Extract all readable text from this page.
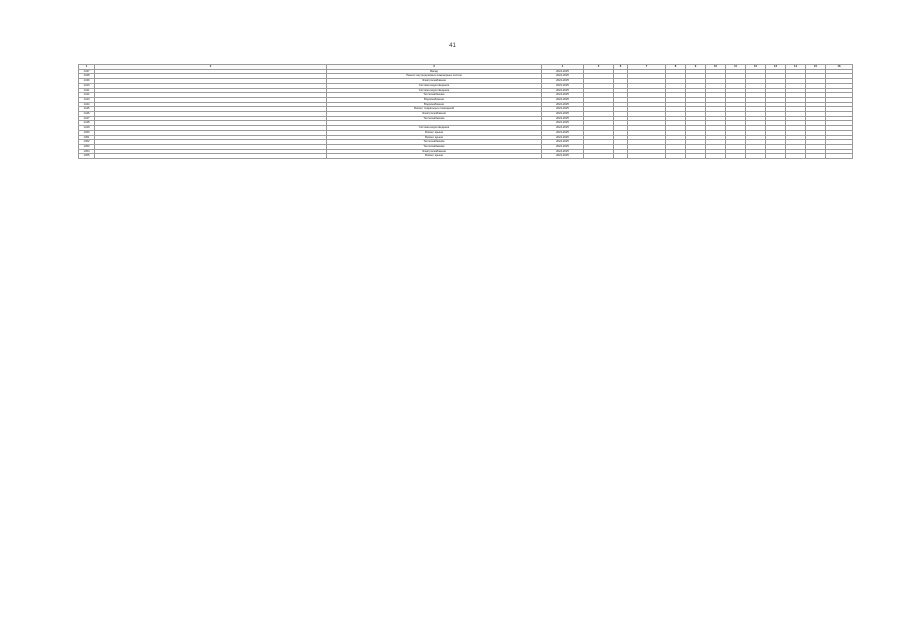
41
1	2	3	4	5	6	7	8	9	10	11	12	13	14	15	16
1437		Фасад	2024-2025												
1438		Ремонт внутридомовых инженерных систем	2024-2025												
1439		Электроснабжение	2024-2025												
1440		Система водоотведения	2024-2025												
1441		Система водоотведения	2024-2025												
1442		Теплоснабжение	2024-2025												
1443		Водоснабжение	2024-2025												
1444		Водоснабжение	2024-2025												
1445		Ремонт подвальных помещений	2024-2025												
1446		Электроснабжение	2024-2025												
1447		Теплоснабжение	2024-2025												
1448			2024-2025												
1449		Система водоотведения	2024-2025												
1450		Ремонт крыши	2024-2025												
1451		Ремонт крыши	2024-2025												
1452		Теплоснабжение	2024-2025												
1453		Теплоснабжение	2024-2025												
1454		Электроснабжение	2024-2025												
1455		Ремонт крыши	2024-2025												
